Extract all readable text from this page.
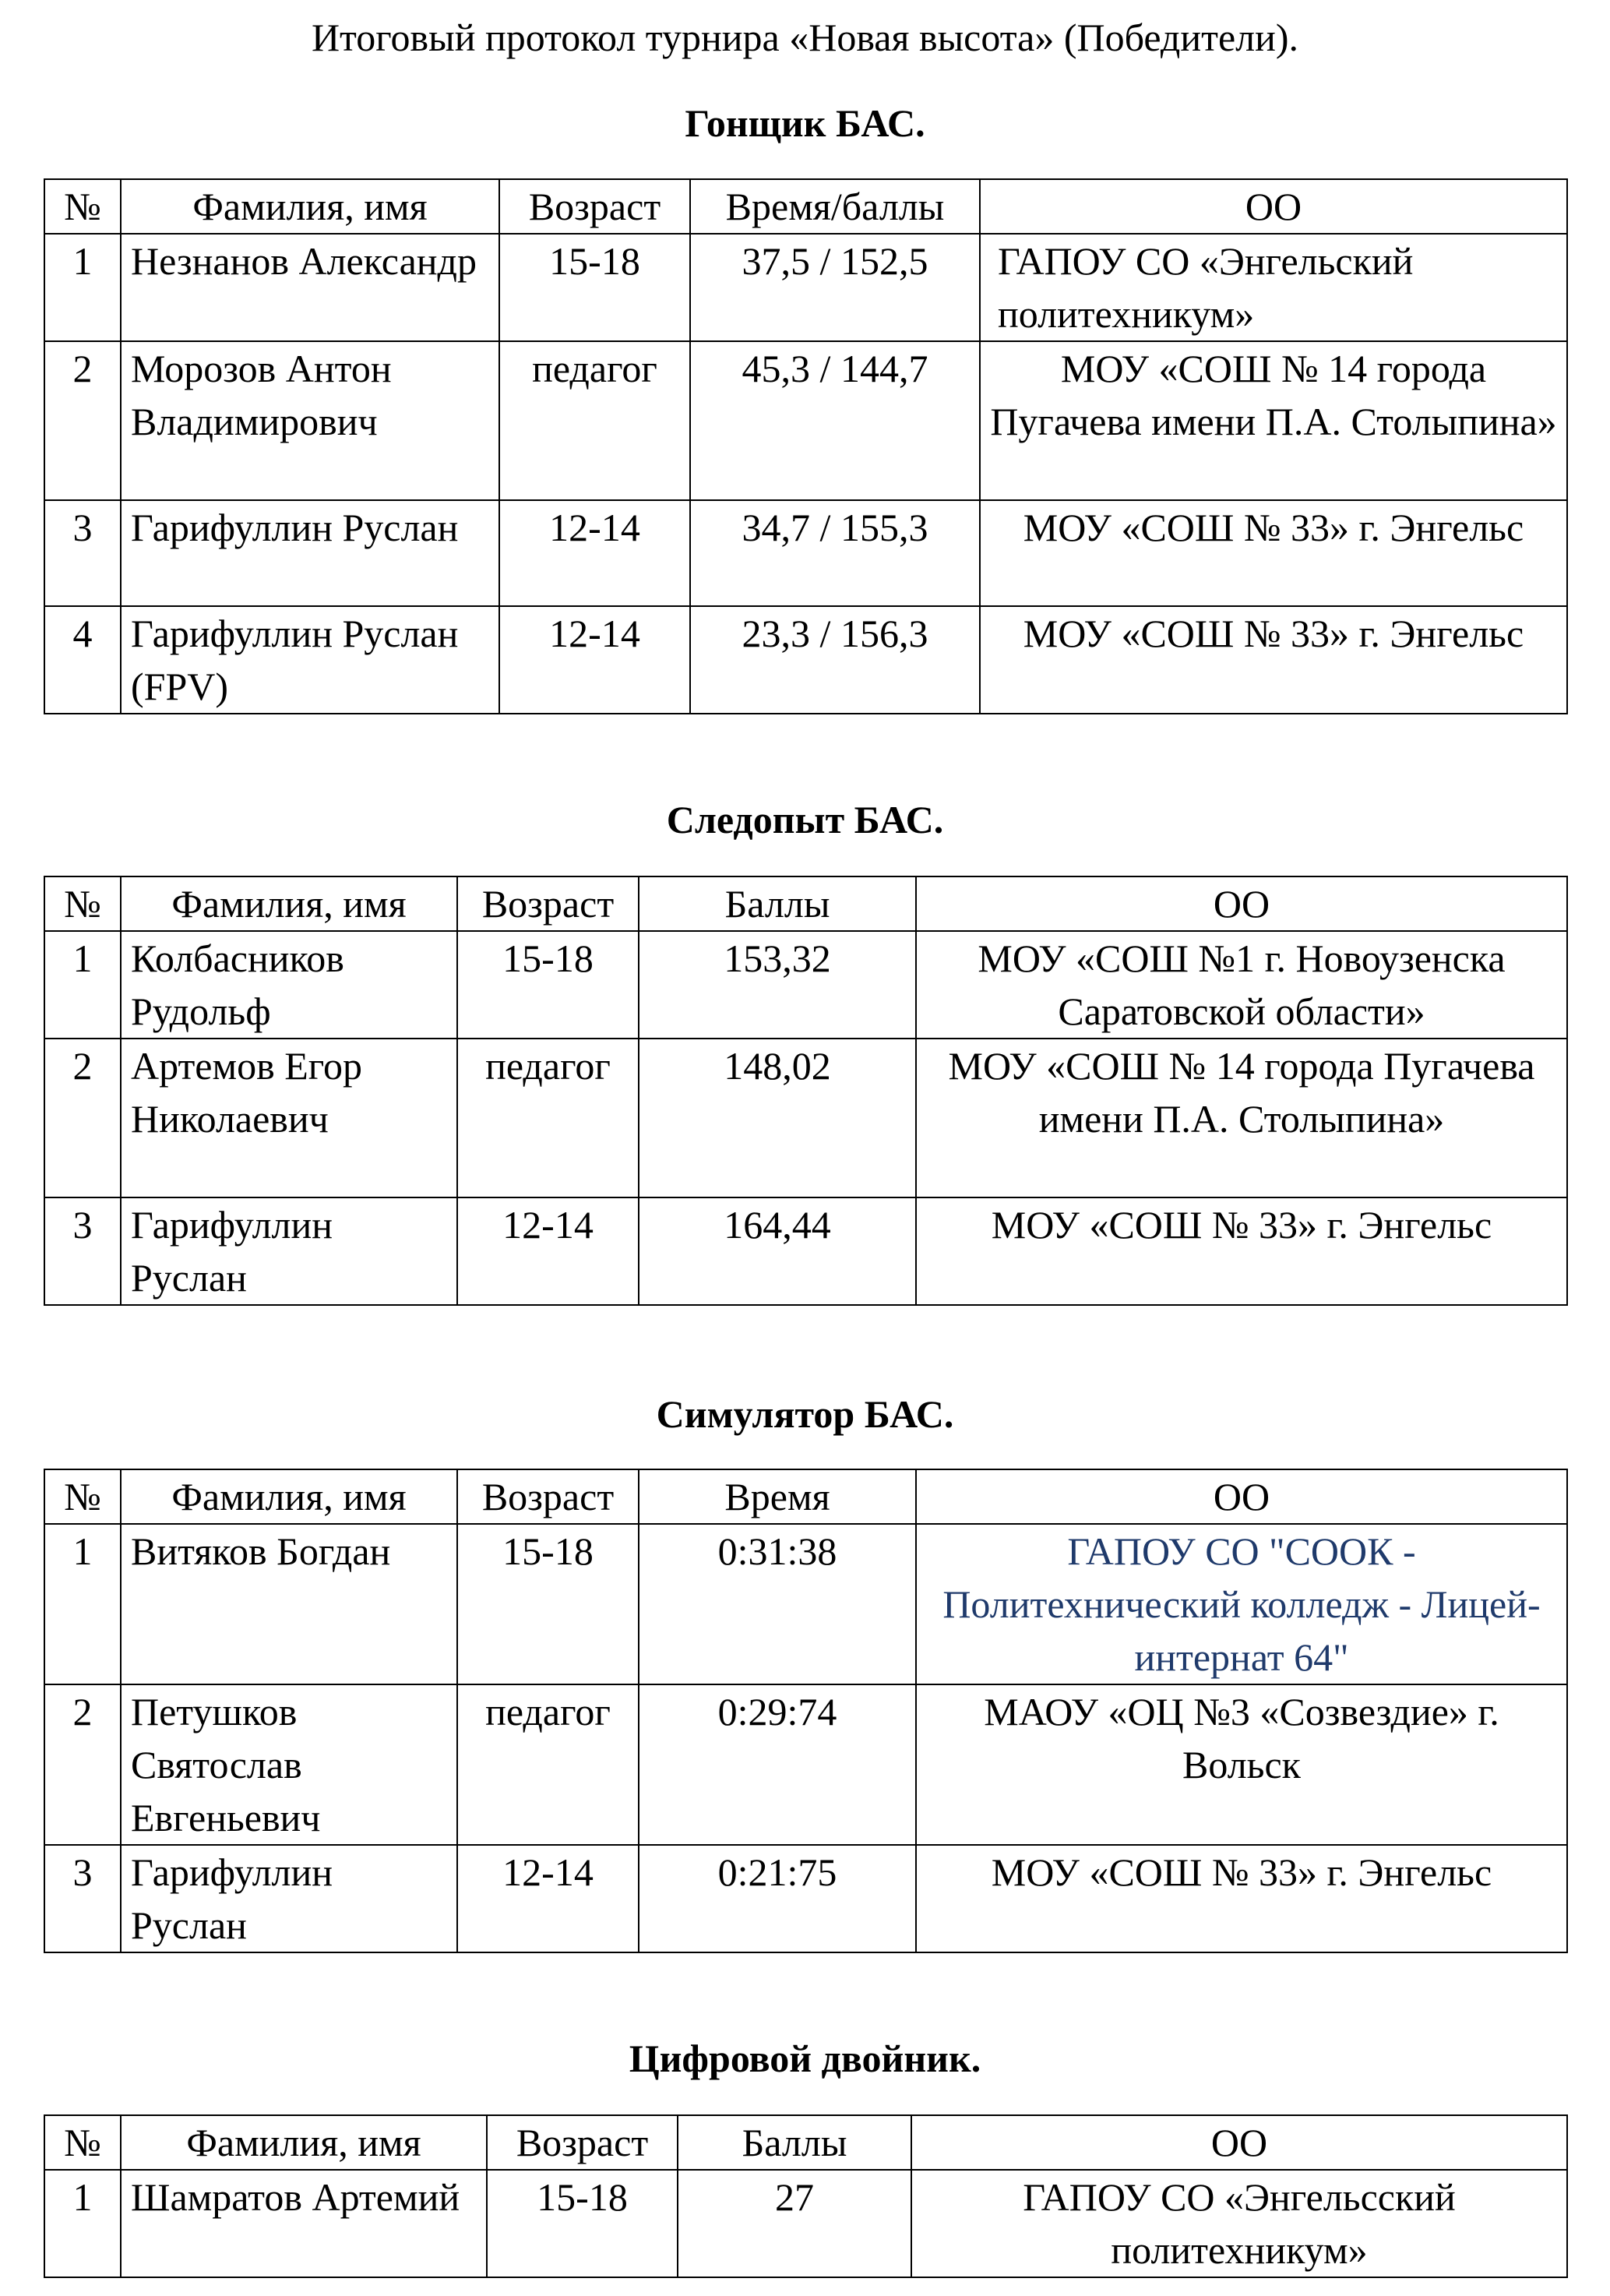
Итоговый протокол турнира «Новая высота» (Победители).
Гонщик БАС.
№	Фамилия, имя	Возраст	Время/баллы	ОО
1	Незнанов Александр	15-18	37,5 / 152,5	ГАПОУ СО «Энгельский политехникум»
2	Морозов Антон Владимирович	педагог	45,3 / 144,7	МОУ «СОШ № 14 города Пугачева имени П.А. Столыпина»
3	Гарифуллин Руслан	12-14	34,7 / 155,3	МОУ «СОШ № 33» г. Энгельс
4	Гарифуллин Руслан (FPV)	12-14	23,3 / 156,3	МОУ «СОШ № 33» г. Энгельс
Следопыт БАС.
№	Фамилия, имя	Возраст	Баллы	ОО
1	Колбасников Рудольф	15-18	153,32	МОУ «СОШ №1 г. Новоузенска Саратовской области»
2	Артемов Егор Николаевич	педагог	148,02	МОУ «СОШ № 14 города Пугачева имени П.А. Столыпина»
3	Гарифуллин Руслан	12-14	164,44	МОУ «СОШ № 33» г. Энгельс
Симулятор БАС.
№	Фамилия, имя	Возраст	Время	ОО
1	Витяков Богдан	15-18	0:31:38	ГАПОУ СО "СООК - Политехнический колледж - Лицей-интернат 64"
2	Петушков Святослав Евгеньевич	педагог	0:29:74	МАОУ «ОЦ №3 «Созвездие» г. Вольск
3	Гарифуллин Руслан	12-14	0:21:75	МОУ «СОШ № 33» г. Энгельс
Цифровой двойник.
№	Фамилия, имя	Возраст	Баллы	ОО
1	Шамратов Артемий	15-18	27	ГАПОУ СО «Энгельсский политехникум»
